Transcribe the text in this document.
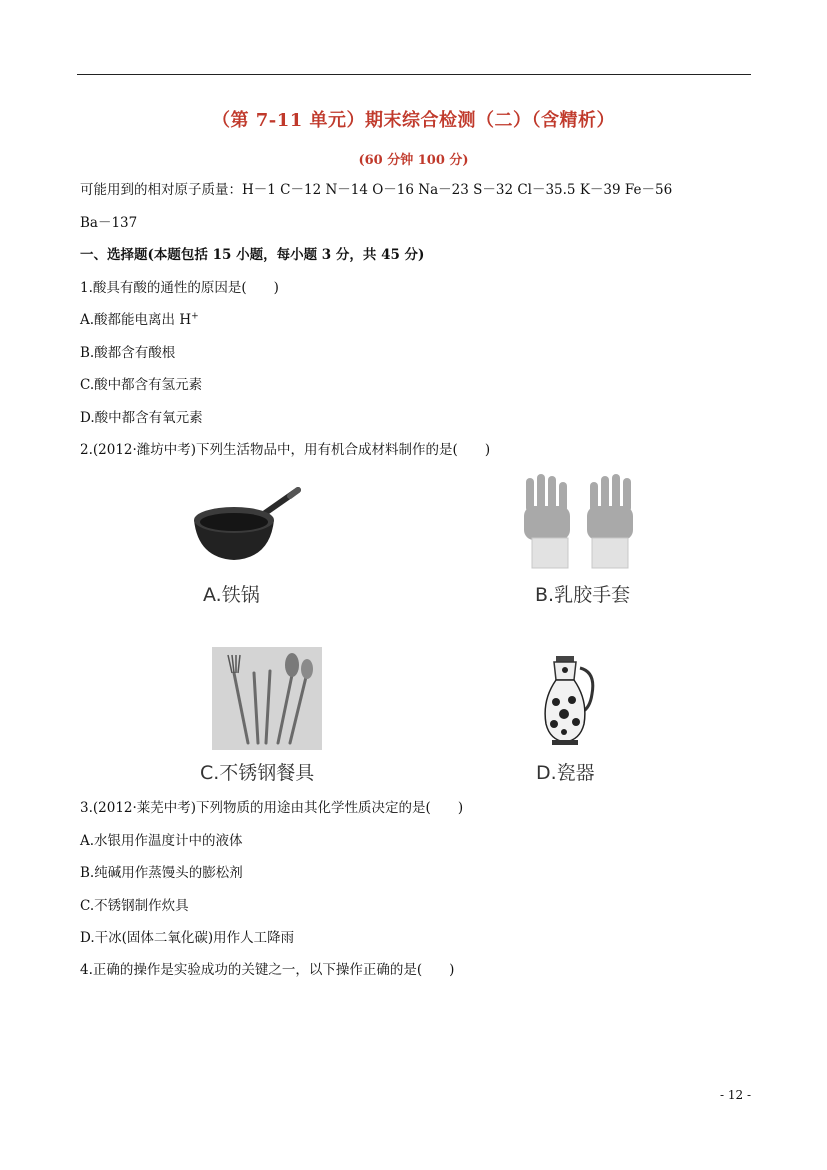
（第 7-11 单元）期末综合检测（二）（含精析）
(60 分钟 100 分)
可能用到的相对原子质量：H－1 C－12 N－14 O－16 Na－23 S－32 Cl－35.5 K－39 Fe－56
Ba－137
一、选择题(本题包括 15 小题，每小题 3 分，共 45 分)
1.酸具有酸的通性的原因是(　　)
A.酸都能电离出 H+
B.酸都含有酸根
C.酸中都含有氢元素
D.酸中都含有氧元素
2.(2012·潍坊中考)下列生活物品中，用有机合成材料制作的是(　　)
A.铁锅	B.乳胶手套
C.不锈钢餐具	D.瓷器
3.(2012·莱芜中考)下列物质的用途由其化学性质决定的是(　　)
A.水银用作温度计中的液体
B.纯碱用作蒸馒头的膨松剂
C.不锈钢制作炊具
D.干冰(固体二氧化碳)用作人工降雨
4.正确的操作是实验成功的关键之一，以下操作正确的是(　　)
- 12 -
